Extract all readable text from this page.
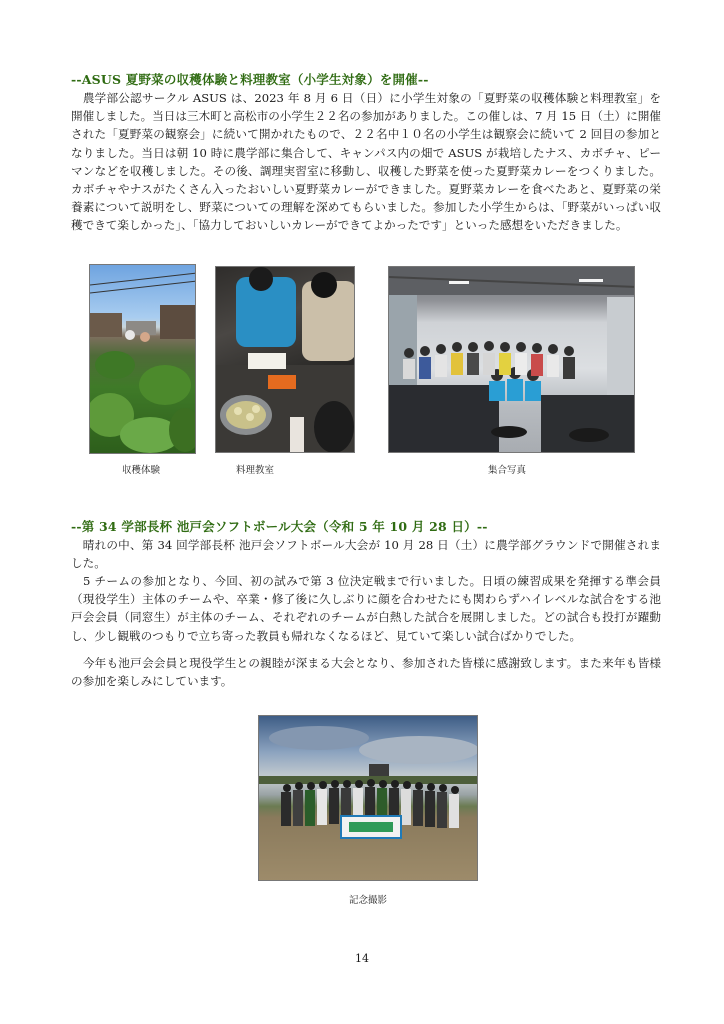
--ASUS 夏野菜の収穫体験と料理教室（小学生対象）を開催--

　農学部公認サークル ASUS は、2023 年 8 月 6 日（日）に小学生対象の「夏野菜の収穫体験と料理教室」を開催しました。当日は三木町と高松市の小学生２２名の参加がありました。この催しは、7 月 15 日（土）に開催された「夏野菜の観察会」に続いて開かれたもので、２２名中１０名の小学生は観察会に続いて 2 回目の参加となりました。当日は朝 10 時に農学部に集合して、キャンパス内の畑で ASUS が栽培したナス、カボチャ、ピーマンなどを収穫しました。その後、調理実習室に移動し、収穫した野菜を使った夏野菜カレーをつくりました。カボチャやナスがたくさん入ったおいしい夏野菜カレーができました。夏野菜カレーを食べたあと、夏野菜の栄養素について説明をし、野菜についての理解を深めてもらいました。参加した小学生からは、「野菜がいっぱい収穫できて楽しかった」、「協力しておいしいカレーができてよかったです」といった感想をいただきました。

収穫体験	料理教室	集合写真
--第 34 学部長杯 池戸会ソフトボール大会（令和 5 年 10 月 28 日）--

　晴れの中、第 34 回学部長杯 池戸会ソフトボール大会が 10 月 28 日（土）に農学部グラウンドで開催されました。

　5 チームの参加となり、今回、初の試みで第 3 位決定戦まで行いました。日頃の練習成果を発揮する準会員（現役学生）主体のチームや、卒業・修了後に久しぶりに顔を合わせたにも関わらずハイレベルな試合をする池戸会会員（同窓生）が主体のチーム、それぞれのチームが白熱した試合を展開しました。どの試合も投打が躍動し、少し観戦のつもりで立ち寄った教員も帰れなくなるほど、見ていて楽しい試合ばかりでした。

　今年も池戸会会員と現役学生との親睦が深まる大会となり、参加された皆様に感謝致します。また来年も皆様の参加を楽しみにしています。

記念撮影
14
